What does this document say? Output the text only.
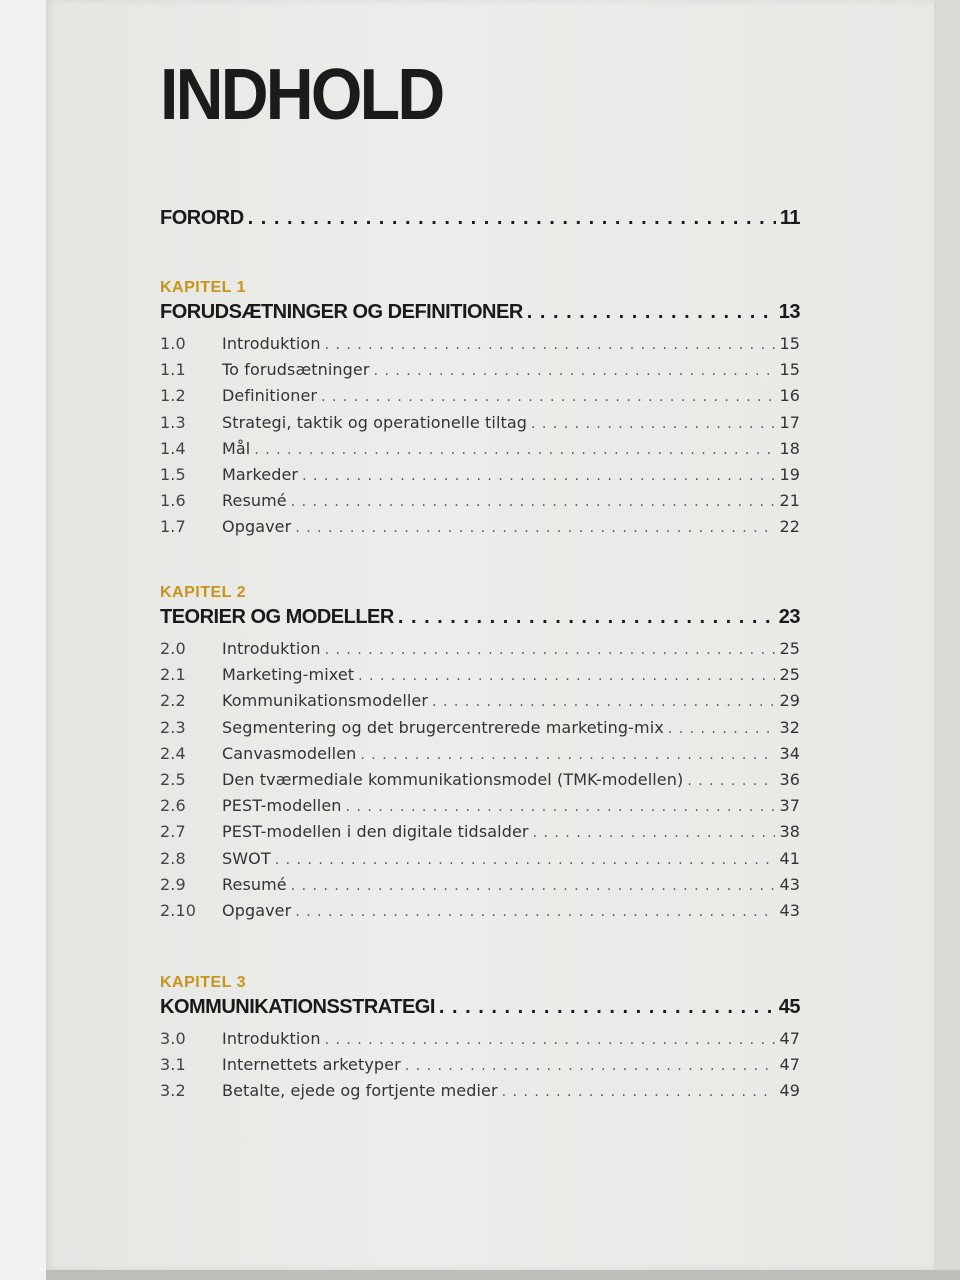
INDHOLD
FORORD . . .	11
KAPITEL 1
FORUDSÆTNINGER OG DEFINITIONER . . .	13
1.0	Introduktion . . .	15
1.1	To forudsætninger . . .	15
1.2	Definitioner . . .	16
1.3	Strategi, taktik og operationelle tiltag . . .	17
1.4	Mål . . .	18
1.5	Markeder . . .	19
1.6	Resumé . . .	21
1.7	Opgaver . . .	22
KAPITEL 2
TEORIER OG MODELLER . . .	23
2.0	Introduktion . . .	25
2.1	Marketing-mixet . . .	25
2.2	Kommunikationsmodeller . . .	29
2.3	Segmentering og det brugercentrerede marketing-mix . . .	32
2.4	Canvasmodellen . . .	34
2.5	Den tværmediale kommunikationsmodel (TMK-modellen) . . .	36
2.6	PEST-modellen . . .	37
2.7	PEST-modellen i den digitale tidsalder . . .	38
2.8	SWOT . . .	41
2.9	Resumé . . .	43
2.10	Opgaver . . .	43
KAPITEL 3
KOMMUNIKATIONSSTRATEGI . . .	45
3.0	Introduktion . . .	47
3.1	Internettets arketyper . . .	47
3.2	Betalte, ejede og fortjente medier . . .	49
